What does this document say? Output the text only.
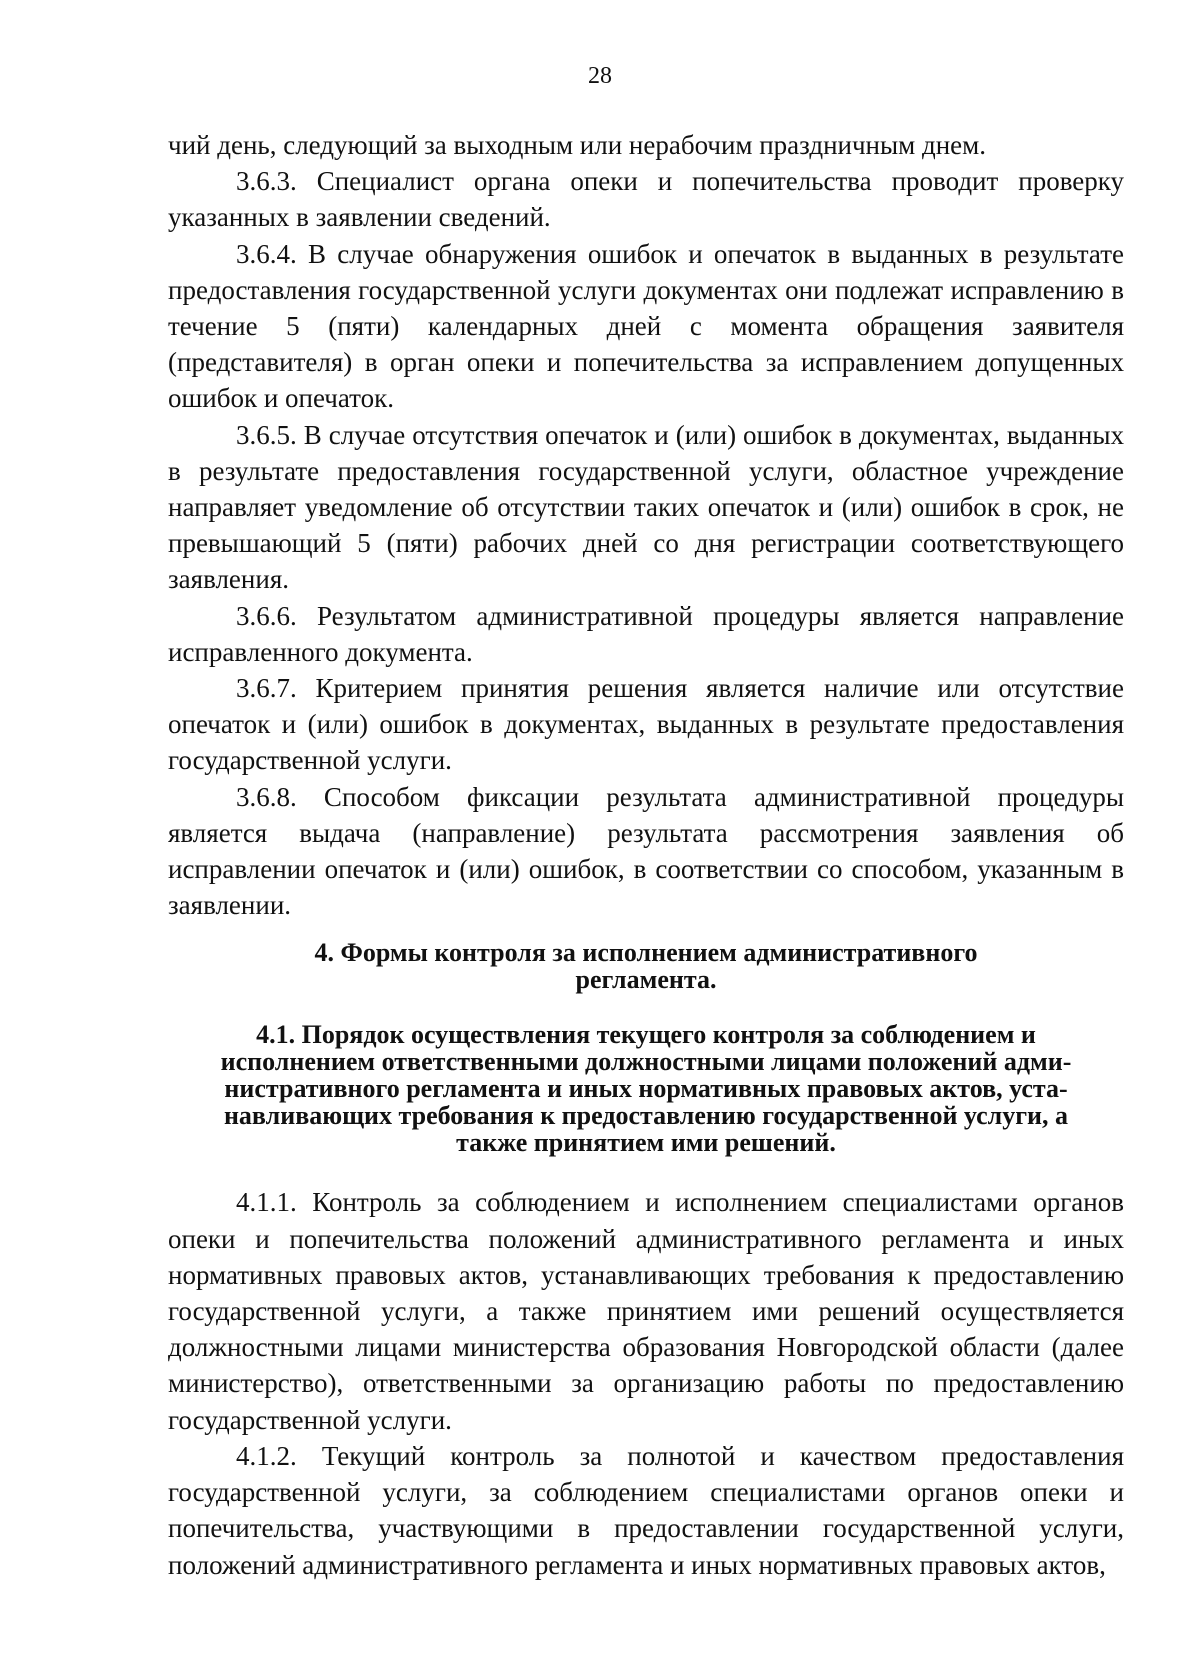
28

чий день, следующий за выходным или нерабочим праздничным днем.

3.6.3. Специалист органа опеки и попечительства проводит проверку указанных в заявлении сведений.

3.6.4. В случае обнаружения ошибок и опечаток в выданных в результате предоставления государственной услуги документах они подлежат исправлению в течение 5 (пяти) календарных дней с момента обращения заявителя (представителя) в орган опеки и попечительства за исправлением допущенных ошибок и опечаток.

3.6.5. В случае отсутствия опечаток и (или) ошибок в документах, выданных в результате предоставления государственной услуги, областное учреждение направляет уведомление об отсутствии таких опечаток и (или) ошибок в срок, не превышающий 5 (пяти) рабочих дней со дня регистрации соответствующего заявления.

3.6.6. Результатом административной процедуры является направление исправленного документа.

3.6.7. Критерием принятия решения является наличие или отсутствие опечаток и (или) ошибок в документах, выданных в результате предоставления государственной услуги.

3.6.8. Способом фиксации результата административной процедуры является выдача (направление) результата рассмотрения заявления об исправлении опечаток и (или) ошибок, в соответствии со способом, указанным в заявлении.

4. Формы контроля за исполнением административного
регламента.
4.1. Порядок осуществления текущего контроля за соблюдением и
исполнением ответственными должностными лицами положений адми-
нистративного регламента и иных нормативных правовых актов, уста-
навливающих требования к предоставлению государственной услуги, а
также принятием ими решений.

4.1.1. Контроль за соблюдением и исполнением специалистами органов опеки и попечительства положений административного регламента и иных нормативных правовых актов, устанавливающих требования к предоставлению государственной услуги, а также принятием ими решений осуществляется должностными лицами министерства образования Новгородской области (далее министерство), ответственными за организацию работы по предоставлению государственной услуги.

4.1.2. Текущий контроль за полнотой и качеством предоставления государственной услуги, за соблюдением специалистами органов опеки и попечительства, участвующими в предоставлении государственной услуги, положений административного регламента и иных нормативных правовых актов,
